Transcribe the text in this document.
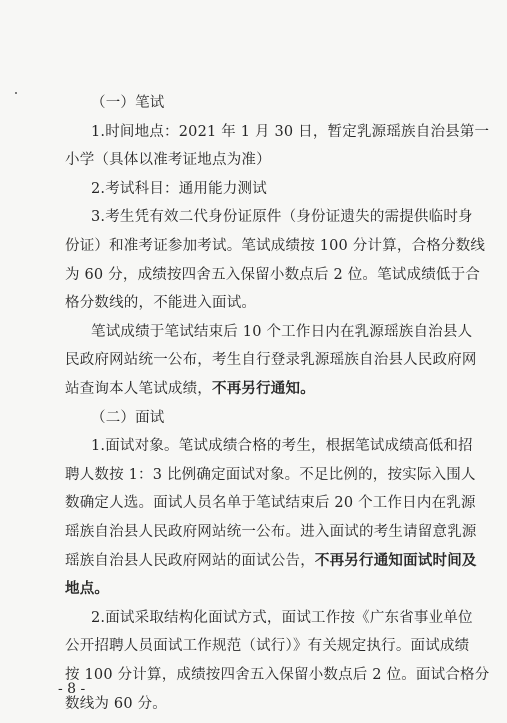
（一）笔试
1.时间地点：2021 年 1 月 30 日，暂定乳源瑶族自治县第一
小学（具体以准考证地点为准）
2.考试科目：通用能力测试
3.考生凭有效二代身份证原件（身份证遗失的需提供临时身
份证）和准考证参加考试。笔试成绩按 100 分计算，合格分数线
为 60 分，成绩按四舍五入保留小数点后 2 位。笔试成绩低于合
格分数线的，不能进入面试。
笔试成绩于笔试结束后 10 个工作日内在乳源瑶族自治县人
民政府网站统一公布，考生自行登录乳源瑶族自治县人民政府网
站查询本人笔试成绩，不再另行通知。
（二）面试
1.面试对象。笔试成绩合格的考生，根据笔试成绩高低和招
聘人数按 1：3 比例确定面试对象。不足比例的，按实际入围人
数确定人选。面试人员名单于笔试结束后 20 个工作日内在乳源
瑶族自治县人民政府网站统一公布。进入面试的考生请留意乳源
瑶族自治县人民政府网站的面试公告，不再另行通知面试时间及
地点。
- 8 -
2.面试采取结构化面试方式，面试工作按《广东省事业单位
公开招聘人员面试工作规范（试行）》有关规定执行。面试成绩
按 100 分计算，成绩按四舍五入保留小数点后 2 位。面试合格分
数线为 60 分。
